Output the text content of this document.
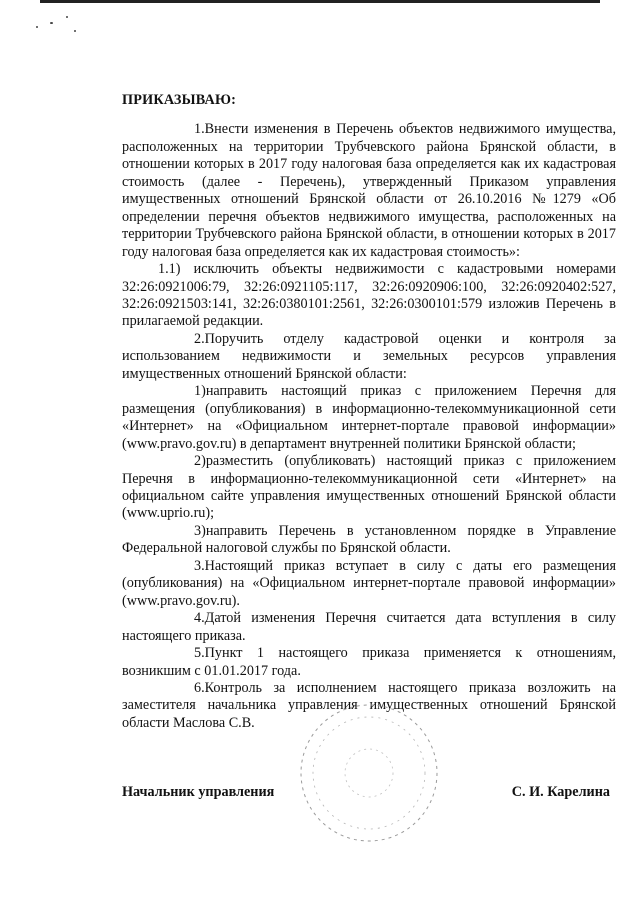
ПРИКАЗЫВАЮ:

1.Внести изменения в Перечень объектов недвижимого имущества, расположенных на территории Трубчевского района Брянской области, в отношении которых в 2017 году налоговая база определяется как их кадастровая стоимость (далее - Перечень), утвержденный Приказом управления имущественных отношений Брянской области от 26.10.2016 №1279 «Об определении перечня объектов недвижимого имущества, расположенных на территории Трубчевского района Брянской области, в отношении которых в 2017 году налоговая база определяется как их кадастровая стоимость»:

1.1) исключить объекты недвижимости с кадастровыми номерами 32:26:0921006:79, 32:26:0921105:117, 32:26:0920906:100, 32:26:0920402:527, 32:26:0921503:141, 32:26:0380101:2561, 32:26:0300101:579 изложив Перечень в прилагаемой редакции.

2.Поручить отделу кадастровой оценки и контроля за использованием недвижимости и земельных ресурсов управления имущественных отношений Брянской области:

1)направить настоящий приказ с приложением Перечня для размещения (опубликования) в информационно-телекоммуникационной сети «Интернет» на «Официальном интернет-портале правовой информации» (www.pravo.gov.ru) в департамент внутренней политики Брянской области;

2)разместить (опубликовать) настоящий приказ с приложением Перечня в информационно-телекоммуникационной сети «Интернет» на официальном сайте управления имущественных отношений Брянской области (www.uprio.ru);

3)направить Перечень в установленном порядке в Управление Федеральной налоговой службы по Брянской области.

3.Настоящий приказ вступает в силу с даты его размещения (опубликования) на «Официальном интернет-портале правовой информации» (www.pravo.gov.ru).

4.Датой изменения Перечня считается дата вступления в силу настоящего приказа.

5.Пункт 1 настоящего приказа применяется к отношениям, возникшим с 01.01.2017 года.

6.Контроль за исполнением настоящего приказа возложить на заместителя начальника управления имущественных отношений Брянской области Маслова С.В.

Начальник управления	С. И. Карелина
